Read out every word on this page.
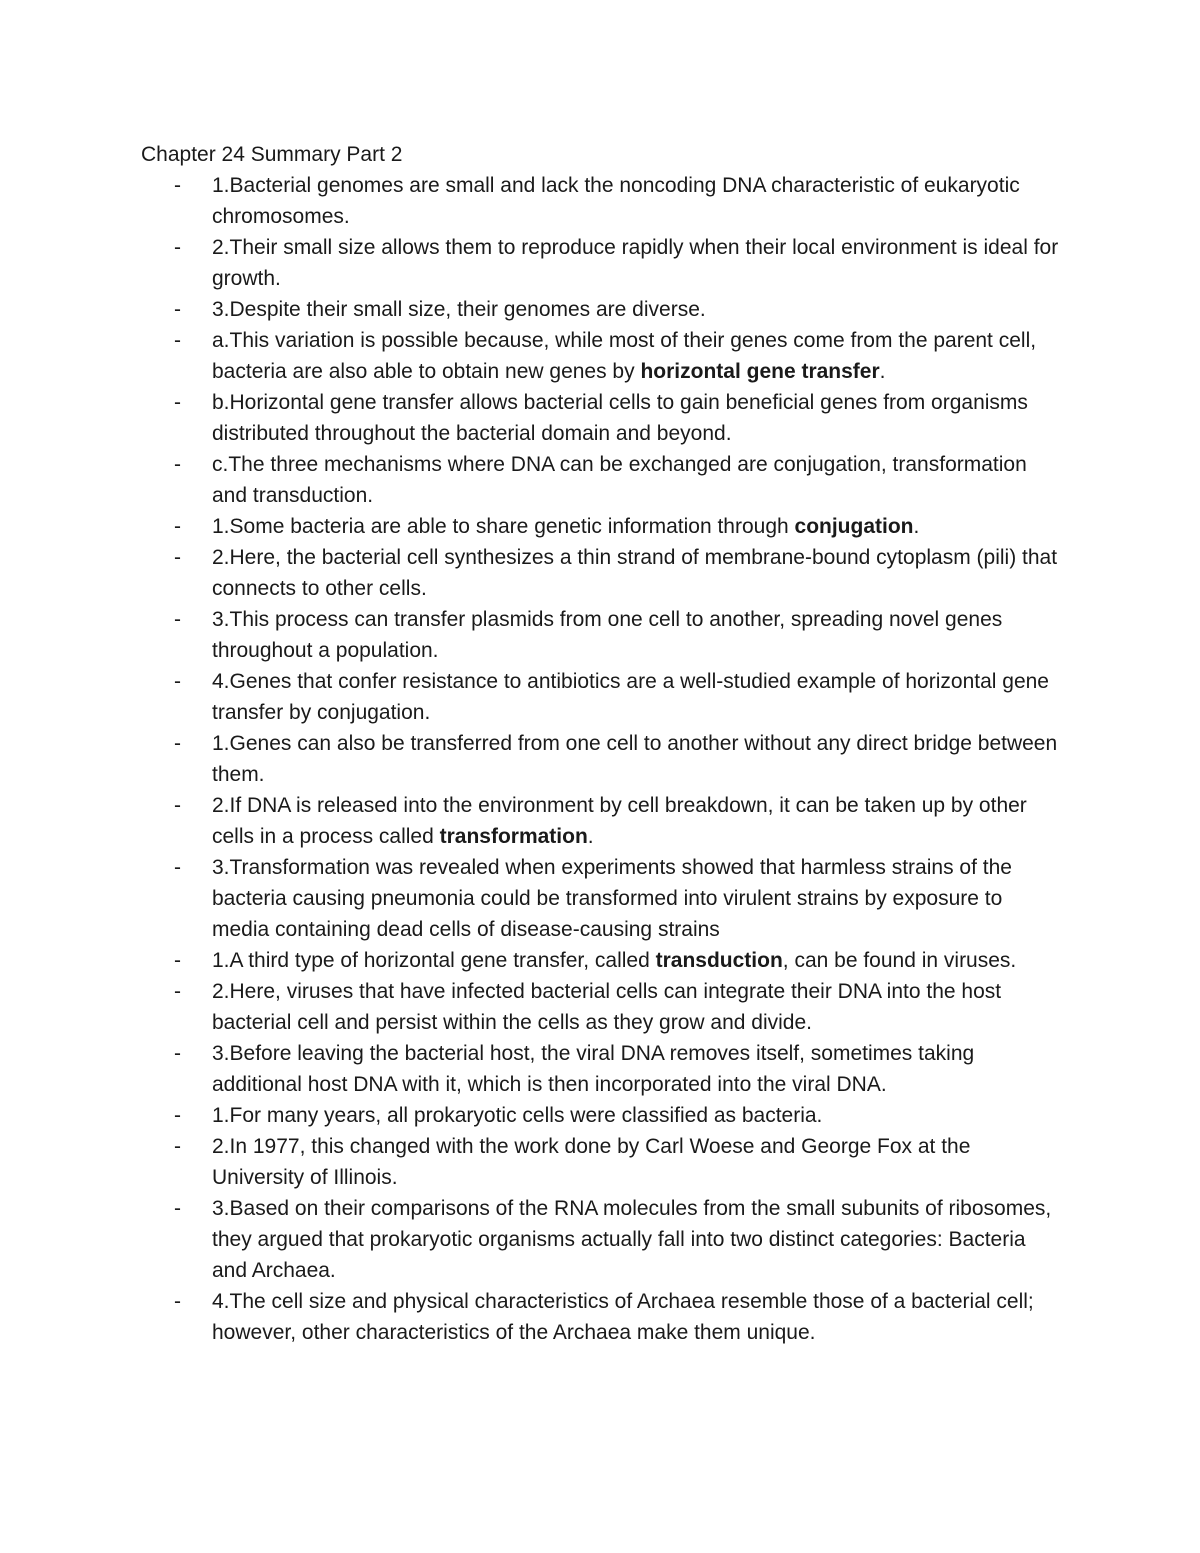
Chapter 24 Summary Part 2
-	1.Bacterial genomes are small and lack the noncoding DNA characteristic of eukaryotic chromosomes.
-	2.Their small size allows them to reproduce rapidly when their local environment is ideal for growth.
-	3.Despite their small size, their genomes are diverse.
-	a.This variation is possible because, while most of their genes come from the parent cell, bacteria are also able to obtain new genes by horizontal gene transfer.
-	b.Horizontal gene transfer allows bacterial cells to gain beneficial genes from organisms distributed throughout the bacterial domain and beyond.
-	c.The three mechanisms where DNA can be exchanged are conjugation, transformation and transduction.
-	1.Some bacteria are able to share genetic information through conjugation.
-	2.Here, the bacterial cell synthesizes a thin strand of membrane-bound cytoplasm (pili) that connects to other cells.
-	3.This process can transfer plasmids from one cell to another, spreading novel genes throughout a population.
-	4.Genes that confer resistance to antibiotics are a well-studied example of horizontal gene transfer by conjugation.
-	1.Genes can also be transferred from one cell to another without any direct bridge between them.
-	2.If DNA is released into the environment by cell breakdown, it can be taken up by other cells in a process called transformation.
-	3.Transformation was revealed when experiments showed that harmless strains of the bacteria causing pneumonia could be transformed into virulent strains by exposure to media containing dead cells of disease-causing strains
-	1.A third type of horizontal gene transfer, called transduction, can be found in viruses.
-	2.Here, viruses that have infected bacterial cells can integrate their DNA into the host bacterial cell and persist within the cells as they grow and divide.
-	3.Before leaving the bacterial host, the viral DNA removes itself, sometimes taking additional host DNA with it, which is then incorporated into the viral DNA.
-	1.For many years, all prokaryotic cells were classified as bacteria.
-	2.In 1977, this changed with the work done by Carl Woese and George Fox at the University of Illinois.
-	3.Based on their comparisons of the RNA molecules from the small subunits of ribosomes, they argued that prokaryotic organisms actually fall into two distinct categories: Bacteria and Archaea.
-	4.The cell size and physical characteristics of Archaea resemble those of a bacterial cell; however, other characteristics of the Archaea make them unique.
